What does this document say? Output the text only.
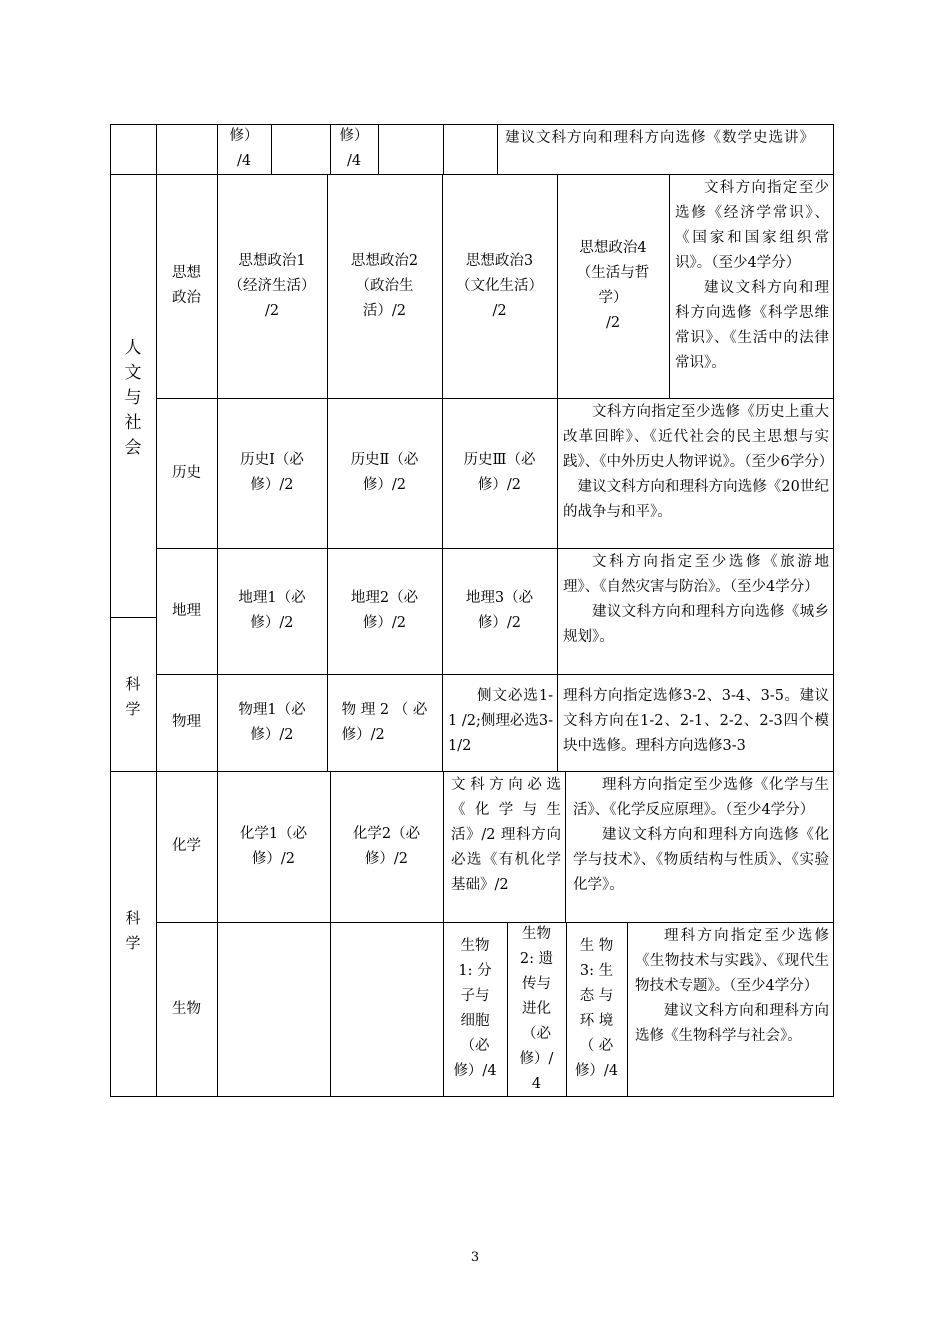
修）
/4
修）
/4
建议文科方向和理科方向选修《数学史选讲》
人
文
与
社
会
科
学
科
学
思想
政治
思想政治1
（经济生活）
/2
思想政治2
（政治生
活）/2
思想政治3
（文化生活）
/2
思想政治4
（生活与哲
学）
/2
文科方向指定至少选修《经济学常识》、《国家和国家组织常识》。（至少4学分）
建议文科方向和理科方向选修《科学思维常识》、《生活中的法律常识》。
历史
历史Ⅰ（必
修）/2
历史Ⅱ（必
修）/2
历史Ⅲ（必
修）/2
文科方向指定至少选修《历史上重大改革回眸》、《近代社会的民主思想与实践》、《中外历史人物评说》。（至少6学分）
建议文科方向和理科方向选修《20世纪的战争与和平》。
地理
地理1（必
修）/2
地理2（必
修）/2
地理3（必
修）/2
文科方向指定至少选修《旅游地理》、《自然灾害与防治》。（至少4学分）
建议文科方向和理科方向选修《城乡规划》。
物理
物理1（必
修）/2
物 理 2 （ 必
修）/2
侧文必选1-1 /2;侧理必选3-1/2
理科方向指定选修3-2、3-4、3-5。建议文科方向在1-2、2-1、2-2、2-3四个模块中选修。理科方向选修3-3
化学
化学1（必
修）/2
化学2（必
修）/2
文科方向必选《化学与生活》/2 理科方向必选《有机化学基础》/2
理科方向指定至少选修《化学与生活》、《化学反应原理》。（至少4学分）
建议文科方向和理科方向选修《化学与技术》、《物质结构与性质》、《实验化学》。
生物
生物
1: 分
子与
细胞
（必
修）/4
生物
2: 遗
传与
进化
（必
修）/
4
生 物
3: 生
态 与
环 境
（ 必
修）/4
理科方向指定至少选修《生物技术与实践》、《现代生物技术专题》。（至少4学分）
建议文科方向和理科方向选修《生物科学与社会》。
3
